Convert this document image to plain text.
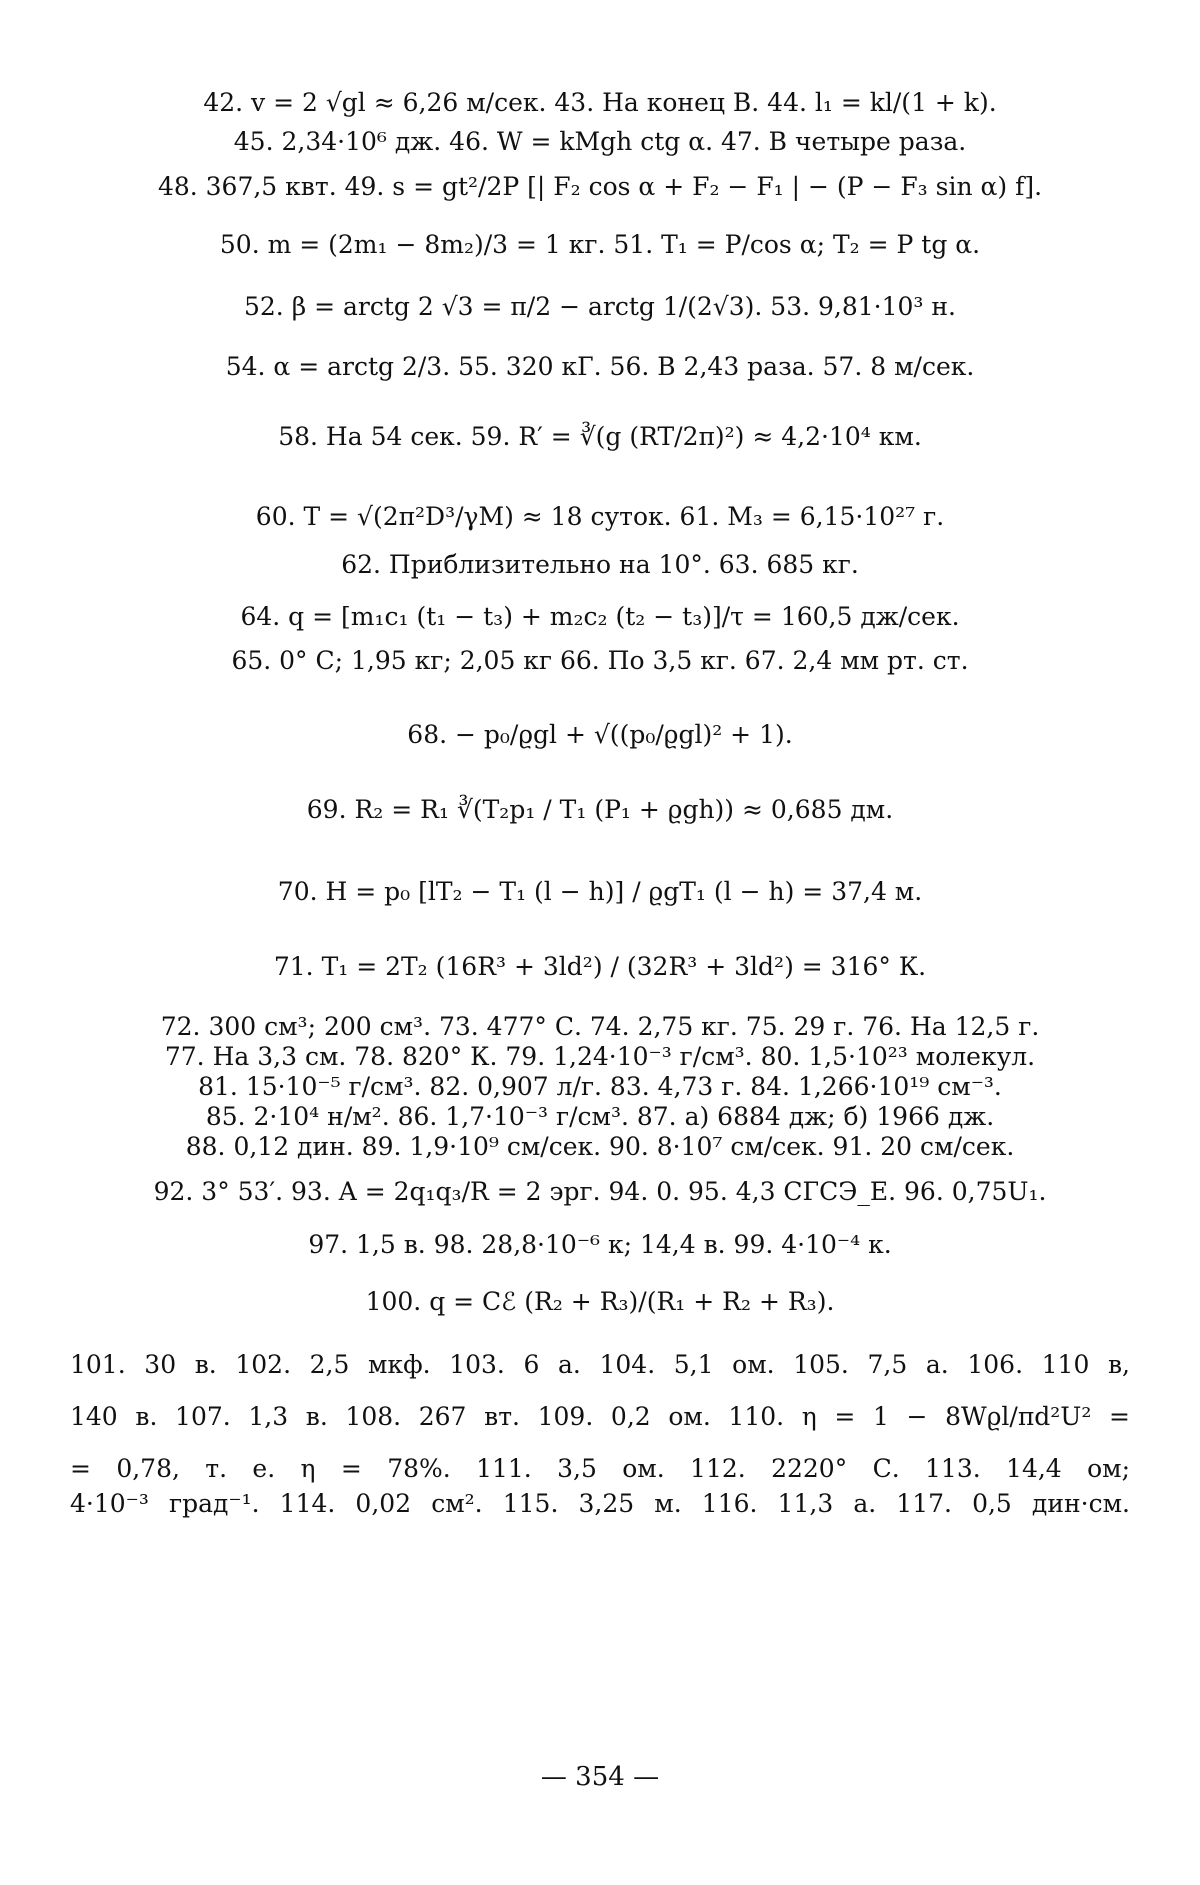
42. v = 2 √gl ≈ 6,26 м/сек. 43. На конец B. 44. l₁ = kl/(1 + k).
45. 2,34·10⁶ дж. 46. W = kMgh ctg α. 47. В четыре раза.
48. 367,5 квт. 49. s = gt²/2P [| F₂ cos α + F₂ − F₁ | − (P − F₃ sin α) f].
50. m = (2m₁ − 8m₂)/3 = 1 кг. 51. T₁ = P/cos α; T₂ = P tg α.
52. β = arctg 2 √3 = π/2 − arctg 1/(2√3). 53. 9,81·10³ н.
54. α = arctg 2/3. 55. 320 кГ. 56. В 2,43 раза. 57. 8 м/сек.
58. На 54 сек. 59. R′ = ∛(g (RT/2π)²) ≈ 4,2·10⁴ км.
60. T = √(2π²D³/γM) ≈ 18 суток. 61. M₃ = 6,15·10²⁷ г.
62. Приблизительно на 10°. 63. 685 кг.
64. q = [m₁c₁ (t₁ − t₃) + m₂c₂ (t₂ − t₃)]/τ = 160,5 дж/сек.
65. 0° C; 1,95 кг; 2,05 кг 66. По 3,5 кг. 67. 2,4 мм рт. ст.
68. − p₀/ϱgl + √((p₀/ϱgl)² + 1).
69. R₂ = R₁ ∛(T₂p₁ / T₁ (P₁ + ϱgh)) ≈ 0,685 дм.
70. H = p₀ [lT₂ − T₁ (l − h)] / ϱgT₁ (l − h) = 37,4 м.
71. T₁ = 2T₂ (16R³ + 3ld²) / (32R³ + 3ld²) = 316° К.
72. 300 см³; 200 см³. 73. 477° С. 74. 2,75 кг. 75. 29 г. 76. На 12,5 г.
77. На 3,3 см. 78. 820° К. 79. 1,24·10⁻³ г/см³. 80. 1,5·10²³ молекул.
81. 15·10⁻⁵ г/см³. 82. 0,907 л/г. 83. 4,73 г. 84. 1,266·10¹⁹ см⁻³.
85. 2·10⁴ н/м². 86. 1,7·10⁻³ г/см³. 87. а) 6884 дж; б) 1966 дж.
88. 0,12 дин. 89. 1,9·10⁹ см/сек. 90. 8·10⁷ см/сек. 91. 20 см/сек.
92. 3° 53′. 93. A = 2q₁q₃/R = 2 эрг. 94. 0. 95. 4,3 СГСЭ_E. 96. 0,75U₁.
97. 1,5 в. 98. 28,8·10⁻⁶ к; 14,4 в. 99. 4·10⁻⁴ к.
100. q = Cℰ (R₂ + R₃)/(R₁ + R₂ + R₃).
101. 30 в. 102. 2,5 мкф. 103. 6 а. 104. 5,1 ом. 105. 7,5 а. 106. 110 в,
140 в. 107. 1,3 в. 108. 267 вт. 109. 0,2 ом. 110. η = 1 − 8Wϱl/πd²U² =
= 0,78, т. е. η = 78%. 111. 3,5 ом. 112. 2220° С. 113. 14,4 ом;
4·10⁻³ град⁻¹. 114. 0,02 см². 115. 3,25 м. 116. 11,3 а. 117. 0,5 дин·см.
— 354 —
